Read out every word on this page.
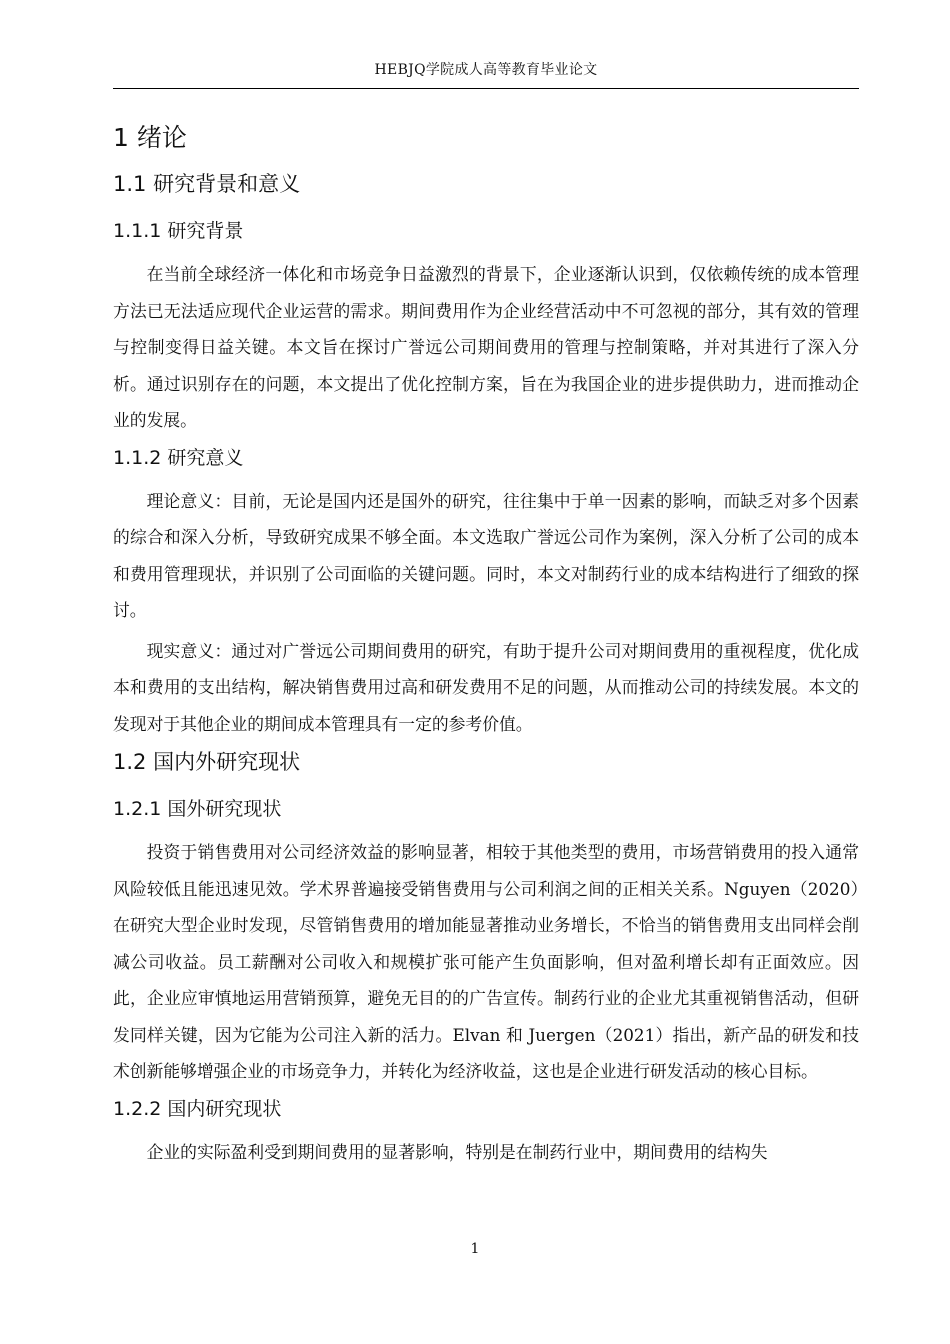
HEBJQ学院成人高等教育毕业论文
1 绪论
1.1 研究背景和意义
1.1.1 研究背景

在当前全球经济一体化和市场竞争日益激烈的背景下，企业逐渐认识到，仅依赖传统的成本管理方法已无法适应现代企业运营的需求。期间费用作为企业经营活动中不可忽视的部分，其有效的管理与控制变得日益关键。本文旨在探讨广誉远公司期间费用的管理与控制策略，并对其进行了深入分析。通过识别存在的问题，本文提出了优化控制方案，旨在为我国企业的进步提供助力，进而推动企业的发展。

1.1.2 研究意义

理论意义：目前，无论是国内还是国外的研究，往往集中于单一因素的影响，而缺乏对多个因素的综合和深入分析，导致研究成果不够全面。本文选取广誉远公司作为案例，深入分析了公司的成本和费用管理现状，并识别了公司面临的关键问题。同时，本文对制药行业的成本结构进行了细致的探讨。

现实意义：通过对广誉远公司期间费用的研究，有助于提升公司对期间费用的重视程度，优化成本和费用的支出结构，解决销售费用过高和研发费用不足的问题，从而推动公司的持续发展。本文的发现对于其他企业的期间成本管理具有一定的参考价值。

1.2 国内外研究现状
1.2.1 国外研究现状

投资于销售费用对公司经济效益的影响显著，相较于其他类型的费用，市场营销费用的投入通常风险较低且能迅速见效。学术界普遍接受销售费用与公司利润之间的正相关关系。Nguyen（2020）在研究大型企业时发现，尽管销售费用的增加能显著推动业务增长，不恰当的销售费用支出同样会削减公司收益。员工薪酬对公司收入和规模扩张可能产生负面影响，但对盈利增长却有正面效应。因此，企业应审慎地运用营销预算，避免无目的的广告宣传。制药行业的企业尤其重视销售活动，但研发同样关键，因为它能为公司注入新的活力。Elvan 和 Juergen（2021）指出，新产品的研发和技术创新能够增强企业的市场竞争力，并转化为经济收益，这也是企业进行研发活动的核心目标。

1.2.2 国内研究现状

企业的实际盈利受到期间费用的显著影响，特别是在制药行业中，期间费用的结构失

1
